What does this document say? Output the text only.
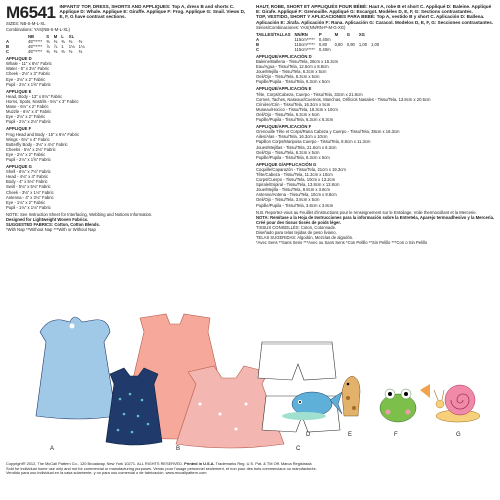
M6541 INFANTS' TOP, DRESS, SHORTS AND APPLIQUES: Top A, dress B and shorts C. Applique D: Whale. Applique E: Giraffe. Applique F: Frog. Applique G: Snail. Views D, E, F, G have contrast sections.
SIZES: NB-S-M-L-XL
Combinations: YAS(NB-S-M-L-XL)
	NB	S	M	L	XL	
A	45"*****	⅜	⅜	⅜	⅜	⅜
B	45"*****	⅞	⅞	1	1⅛	1⅛
C	45"*****	⅜	⅜	⅜	⅜	⅜
APPLIQUE D
Whale - 11" x 6⅛" Fabric
Water - 5" x 3⅛" Fabric
Cheek - 2⅛" x 3" Fabric
Eye - 2⅛" x 2" Fabric
Pupil - 2⅛" x 1⅝" Fabric
APPLIQUE E
Head, Body - 13" x 8⅛" Fabric
Horns, Spots, Nostrils - 5⅛" x 3" Fabric
Mane - 6⅛" x 2" Fabric
Muzzle - 6⅛" x 4" Fabric
Eye - 2⅛" x 2" Fabric
Pupil - 2⅛" x 2⅛" Fabric
APPLIQUE F
Frog Head and Body - 15" x 6⅛" Fabric
Wings - 6⅛" x 4" Fabric
Butterfly Body - 3⅛" x 4⅛" Fabric
Cheeks - 5⅛" x 2⅛" Fabric
Eye - 2⅛" x 2" Fabric
Pupil - 2⅛" x 1⅝" Fabric
APPLIQUE G
Shell - 8⅛" x 7⅛" Fabric
Head - 4⅛" x 4" Fabric
Body - 4" x 5⅛" Fabric
Swirl - 5⅛" x 5⅛" Fabric
Cheek - 3⅛" x 1⅛" Fabric
Antenna - 4" x 3⅛" Fabric
Eye - 1⅛" x 2" Fabric
Pupil - 1⅛" x 1⅛" Fabric
NOTE: See Instruction Sheet for Interfacing, Webbing and Notions Information.
Designed for Lightweight Woven Fabrics.
SUGGESTED FABRICS: Cotton, Cotton Blends.
*With Nap **Without Nap ***With or Without Nap
HAUT, ROBE, SHORT ET APPLIQUÉS POUR BÉBÉ: Haut A, robe B et short C. Appliqué D: Baleine. Appliqué E: Girafe. Appliqué F: Grenouille. Appliqué G: Escargot. Modèles D, E, F, G: Sections contrastantes.
TOP, VESTIDO, SHORT Y APLICACIONES PARA BEBÉ: Top A, vestido B y short C. Aplicación D: Ballena. Aplicación E: Jirafa. Aplicación F: Rana. Aplicación G: Caracol. Modelos D, E, F, G: Secciones contrastantes.
Séries/Combinaciones: YAS(NN/RN-P-M-G-XG)
TAILLES/TALLAS	NN/RN	P	M	G	XG	
A	115cm*****	0,40m				
B	115cm*****	0,80	0,80	0,90	1,00	1,00
C	115cm*****	0,40m				
APPLIQUE/APPLICACIÓN D
Baleine/Ballena - Tissu/Tela, 28cm x 16.3cm
Eau/Agua - Tissu/Tela, 12.5cm x 8.8cm
Joue/Mejilla - Tissu/Tela, 6.3cm x 5cm
Oeil/Ojo - Tissu/Tela, 6.3cm x 5cm
Pupille/Pupila - Tissu/Tela, 6.3cm x 5cm
APPLIQUE/APPLICACIÓN E
Tête, Corps/Cabeza, Cuerpo - Tissu/Tela, 33cm x 21.8cm
Cornes, Taches, Naseaux/Cuernos, Manchas, Orificios Nasales - Tissu/Tela, 13.8cm x 20.5cm
Crinière/Crin - Tissu/Tela, 16.3cm x 5cm
Museau/Hocico - Tissu/Tela, 16.3cm x 10cm
Oeil/Ojo - Tissu/Tela, 6.3cm x 5cm
Pupille/Pupila - Tissu/Tela, 6.3cm x 6.3cm
APPLIQUE/APPLICACIÓN F
Grenouille Tête et Corps/Rana Cabeza y Cuerpo - Tissu/Tela, 38cm x 16.3cm
Ailes/Alas - Tissu/Tela, 16.3cm x 10cm
Papillon Corps/Mariposa Cuerpo - Tissu/Tela, 8.8cm x 11.3cm
Joues/Mejillas - Tissu/Tela, 21.6cm x 6.3cm
Oeil/Ojo - Tissu/Tela, 6.3cm x 5cm
Pupille/Pupila - Tissu/Tela, 6.3cm x 5cm
APPLIQUE G/APPLICACIÓN G
Coquille/Caparazón - Tissu/Tela, 21cm x 19.3cm
Tête/Cabeza - Tissu/Tela, 11.3cm x 10cm
Corps/Cuerpo - Tissu/Tela, 10cm x 13.2cm
Spirale/Espiral - Tissu/Tela, 13.8cm x 13.8cm
Joue/Mejilla - Tissu/Tela, 8.8cm x 3.8cm
Antenne/Antena - Tissu/Tela, 10cm x 8.8cm
Oeil/Ojo - Tissu/Tela, 3.8cm x 5cm
Pupille/Pupila - Tissu/Tela, 3.8cm x 3.8cm
N.B. Reportez-vous au Feuillet d'instructions pour le renseignement sur le Entoilage, Voile thermocollant et la Mercerie.
NOTA: Remítase a la Hoja de Instrucciones para la información sobre la Entretela, Aparejo termoadhesivo y la Mercería.
Créé pour des tissus tissés de poids léger.
TISSUS CONSEILLÉS: Coton, Cotonnade.
Diseñado para telas tejidas de peso liviano.
TELAS SUGERIDAS: Algodón, Mezclas de algodón.
*Avec Sens **Sans Sens ***Avec ou Sans Sens *Con Pelillo **Sin Pelillo ***Con o Sin Pelillo
A	B	C
D	E	F	G
Copyright® 2012, The McCall Pattern Co., 120 Broadway, New York 10271. ALL RIGHTS RESERVED. Printed in U.S.A. Trademarks Reg. U.S. Pat. & TM Off. Marca Registrada
Sold for individual home use only and not for commercial or manufacturing purposes. Vendu pour l'usage personnel seulement, et non pour des buts commerciaux ou manufacturés.
Vendido para uso individual en la casa solamente, y no para uso comercial o de fabricación. www.mccallpattern.com
